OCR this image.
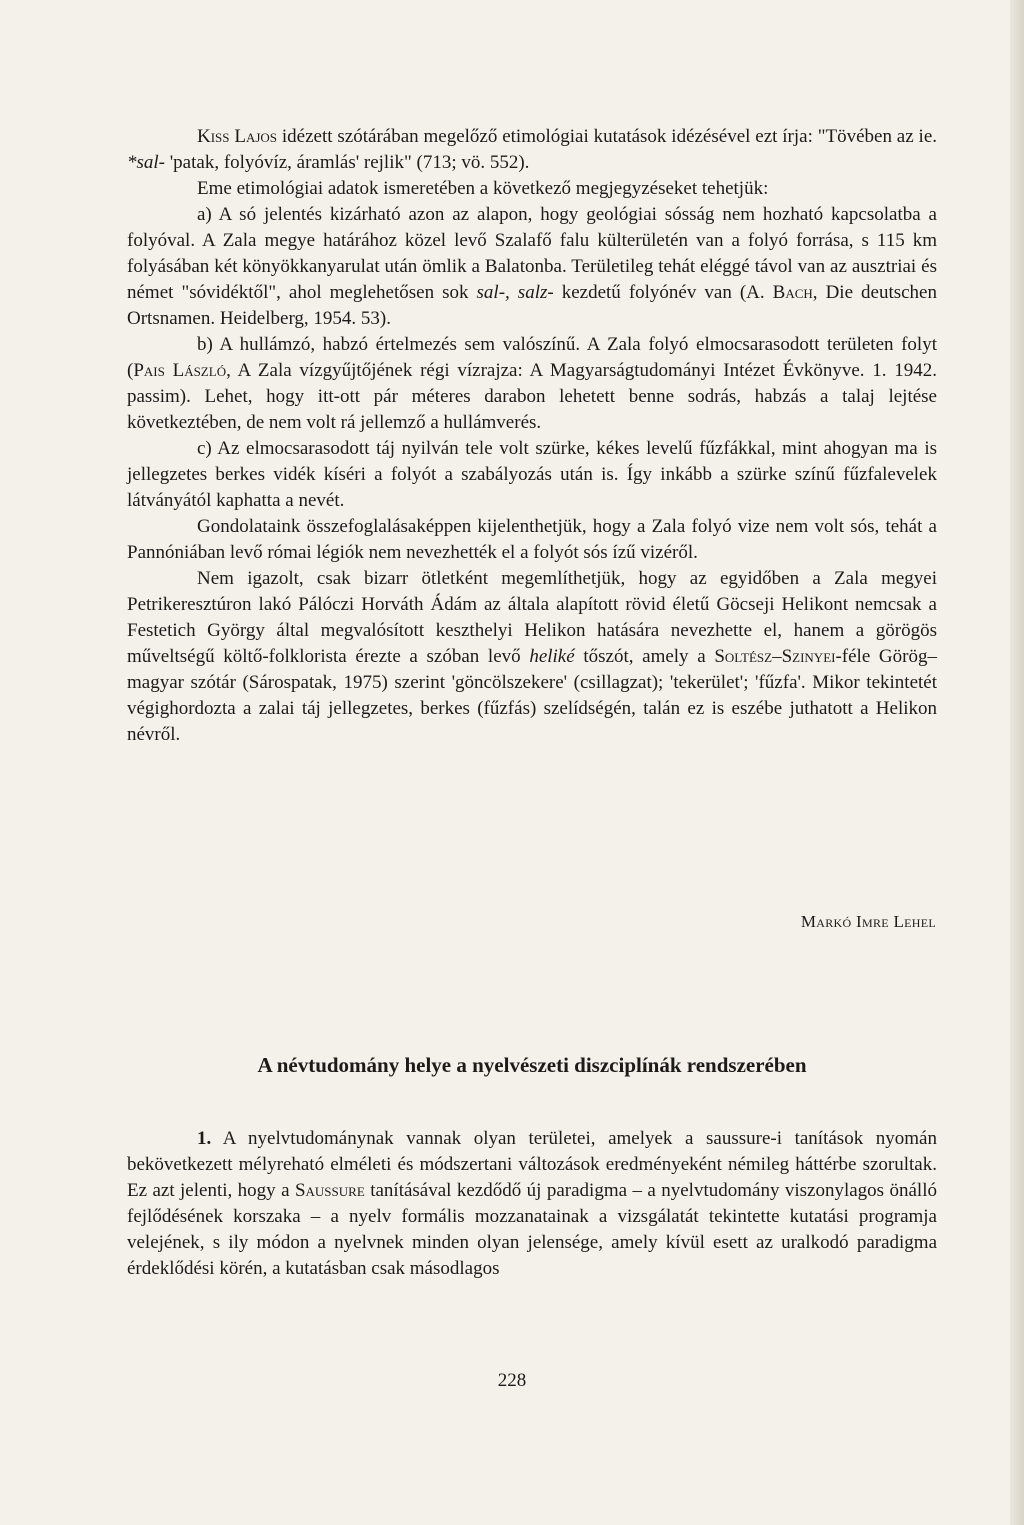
Kiss Lajos idézett szótárában megelőző etimológiai kutatások idézésével ezt írja: "Tövében az ie. *sal- 'patak, folyóvíz, áramlás' rejlik" (713; vö. 552).

Eme etimológiai adatok ismeretében a következő megjegyzéseket tehetjük:

a) A só jelentés kizárható azon az alapon, hogy geológiai sósság nem hozható kapcsolatba a folyóval. A Zala megye határához közel levő Szalafő falu külterületén van a folyó forrása, s 115 km folyásában két könyökkanyarulat után ömlik a Balatonba. Területileg tehát eléggé távol van az ausztriai és német "sóvidéktől", ahol meglehetősen sok sal-, salz- kezdetű folyónév van (A. Bach, Die deutschen Ortsnamen. Heidelberg, 1954. 53).

b) A hullámzó, habzó értelmezés sem valószínű. A Zala folyó elmocsarasodott területen folyt (Pais László, A Zala vízgyűjtőjének régi vízrajza: A Magyarságtudományi Intézet Évkönyve. 1. 1942. passim). Lehet, hogy itt-ott pár méteres darabon lehetett benne sodrás, habzás a talaj lejtése következtében, de nem volt rá jellemző a hullámverés.

c) Az elmocsarasodott táj nyilván tele volt szürke, kékes levelű fűzfákkal, mint ahogyan ma is jellegzetes berkes vidék kíséri a folyót a szabályozás után is. Így inkább a szürke színű fűzfalevelek látványától kaphatta a nevét.

Gondolataink összefoglalásaképpen kijelenthetjük, hogy a Zala folyó vize nem volt sós, tehát a Pannóniában levő római légiók nem nevezhették el a folyót sós ízű vizéről.

Nem igazolt, csak bizarr ötletként megemlíthetjük, hogy az egyidőben a Zala megyei Petrikeresztúron lakó Pálóczi Horváth Ádám az általa alapított rövid életű Göcseji Helikont nemcsak a Festetich György által megvalósított keszthelyi Helikon hatására nevezhette el, hanem a görögös műveltségű költő-folklorista érezte a szóban levő heliké tőszót, amely a Soltész–Szinyei-féle Görög–magyar szótár (Sárospatak, 1975) szerint 'göncölszekere' (csillagzat); 'tekerület'; 'fűzfa'. Mikor tekintetét végighordozta a zalai táj jellegzetes, berkes (fűzfás) szelídségén, talán ez is eszébe juthatott a Helikon névről.

Markó Imre Lehel
A névtudomány helye a nyelvészeti diszciplínák rendszerében

1. A nyelvtudománynak vannak olyan területei, amelyek a saussure-i tanítások nyomán bekövetkezett mélyreható elméleti és módszertani változások eredményeként némileg háttérbe szorultak. Ez azt jelenti, hogy a Saussure tanításával kezdődő új paradigma – a nyelvtudomány viszonylagos önálló fejlődésének korszaka – a nyelv formális mozzanatainak a vizsgálatát tekintette kutatási programja velejének, s ily módon a nyelvnek minden olyan jelensége, amely kívül esett az uralkodó paradigma érdeklődési körén, a kutatásban csak másodlagos

228
